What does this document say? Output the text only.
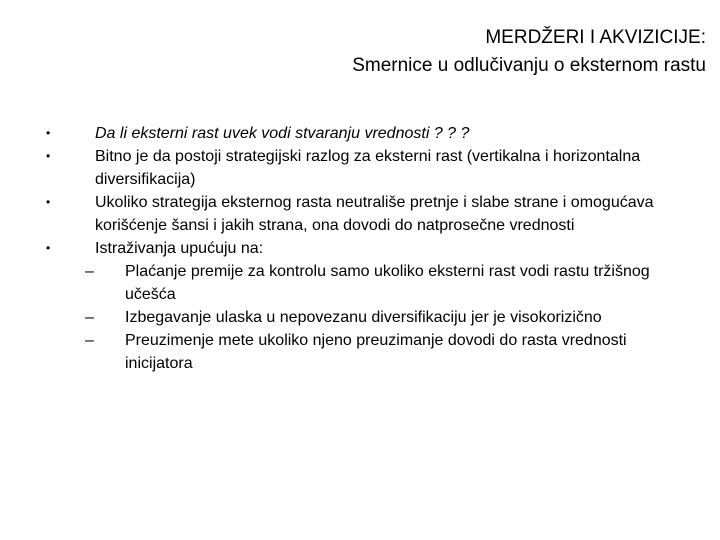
MERDŽERI I AKVIZICIJE:
Smernice u odlučivanju o eksternom rastu
•	Da li eksterni rast uvek vodi stvaranju vrednosti ? ? ?
•	Bitno je da postoji strategijski razlog za eksterni rast (vertikalna i horizontalna diversifikacija)
•	Ukoliko strategija eksternog rasta neutrališe pretnje i slabe strane i omogućava korišćenje šansi i jakih strana, ona dovodi do natprosečne vrednosti
•	Istraživanja upućuju na:
–	Plaćanje premije za kontrolu samo ukoliko eksterni rast vodi rastu tržišnog učešća
–	Izbegavanje ulaska u nepovezanu diversifikaciju jer je visokorizično
–	Preuzimenje mete ukoliko njeno preuzimanje dovodi do rasta vrednosti inicijatora
